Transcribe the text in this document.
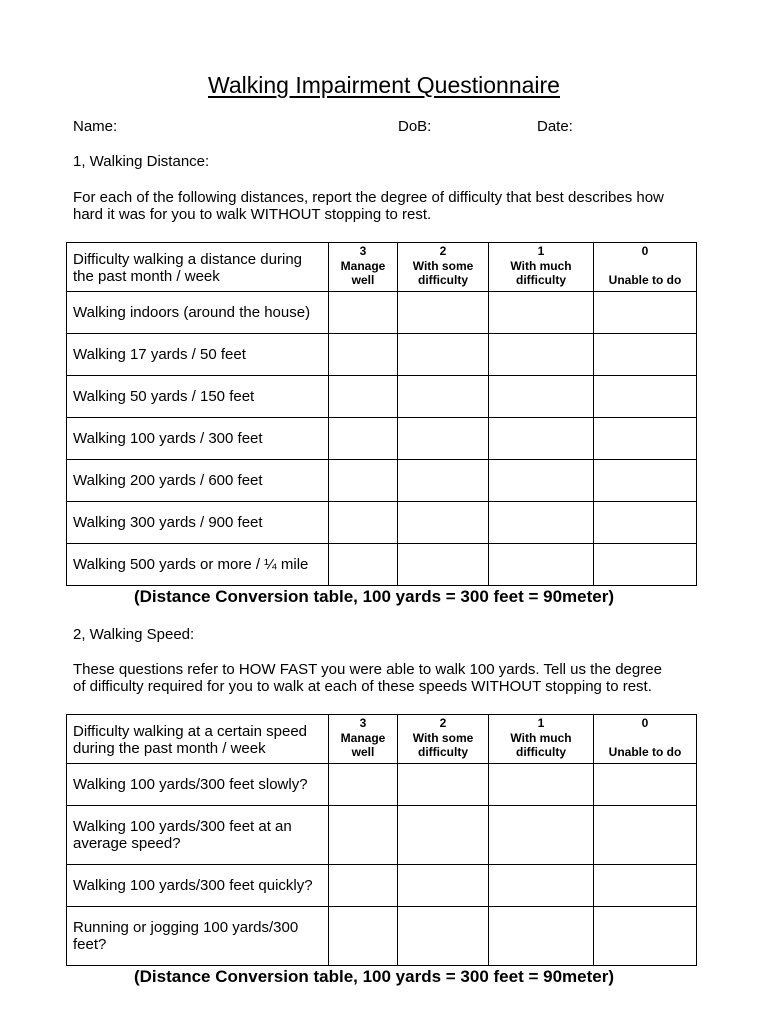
Walking Impairment Questionnaire
Name:	DoB:	Date:
1, Walking Distance:
For each of the following distances, report the degree of difficulty that best describes how
hard it was for you to walk WITHOUT stopping to rest.
Difficulty walking a distance during
the past month / week	3
Manage
well	2
With some
difficulty	1
With much
difficulty	0

Unable to do
Walking indoors (around the house)				
Walking 17 yards / 50 feet				
Walking 50 yards / 150 feet				
Walking 100 yards / 300 feet				
Walking 200 yards / 600 feet				
Walking 300 yards / 900 feet				
Walking 500 yards or more / ¼ mile				
(Distance Conversion table, 100 yards = 300 feet = 90meter)
2, Walking Speed:
These questions refer to HOW FAST you were able to walk 100 yards. Tell us the degree
of difficulty required for you to walk at each of these speeds WITHOUT stopping to rest.
Difficulty walking at a certain speed
during the past month / week	3
Manage
well	2
With some
difficulty	1
With much
difficulty	0

Unable to do
Walking 100 yards/300 feet slowly?				
Walking 100 yards/300 feet at an
average speed?				
Walking 100 yards/300 feet quickly?				
Running or jogging 100 yards/300
feet?				
(Distance Conversion table, 100 yards = 300 feet = 90meter)
